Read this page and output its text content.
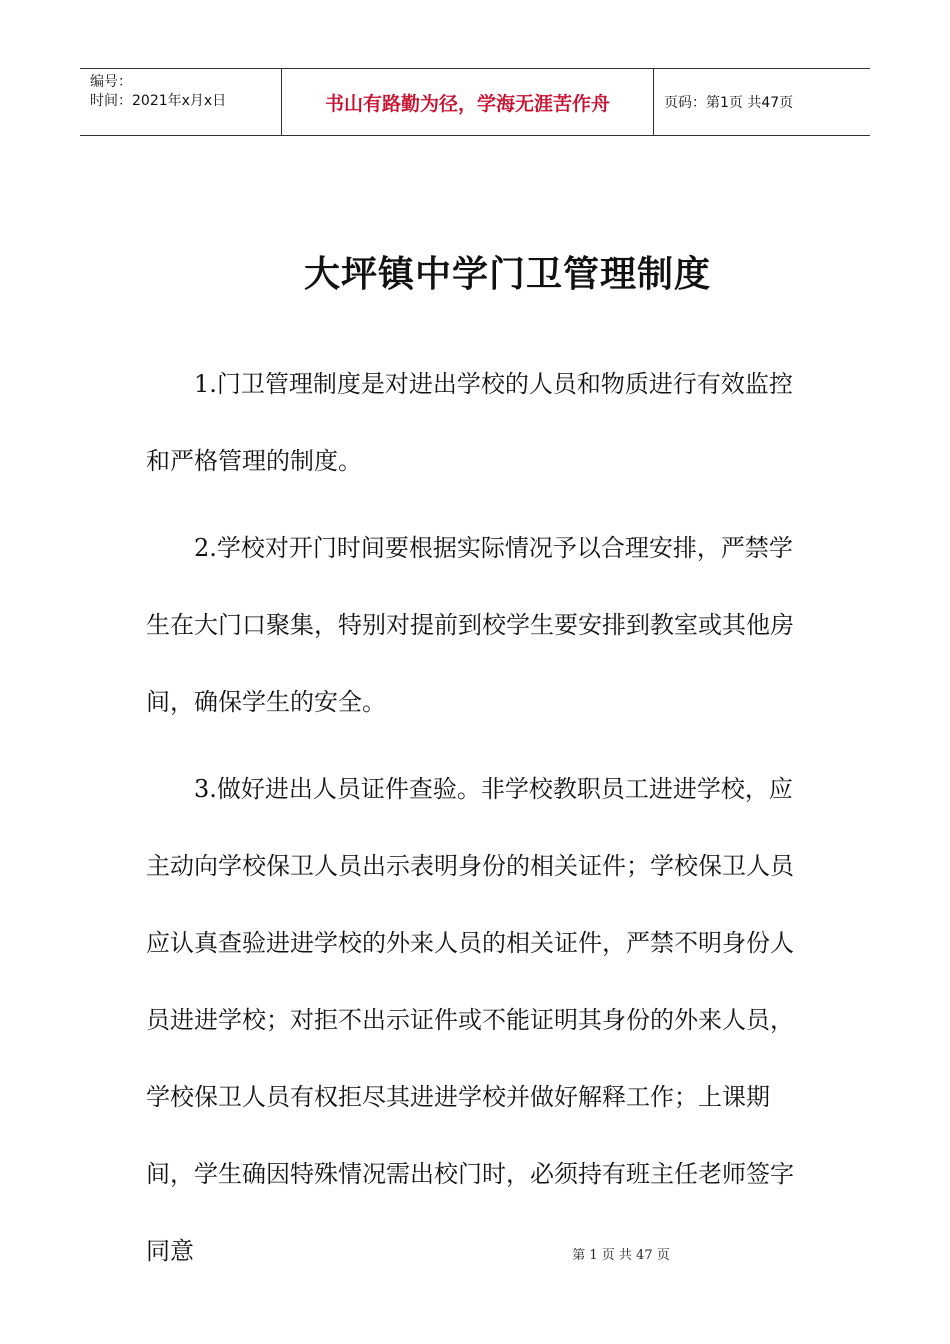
编号：
时间：2021年x月x日	书山有路勤为径，学海无涯苦作舟	页码：第1页 共47页
大坪镇中学门卫管理制度

1.门卫管理制度是对进出学校的人员和物质进行有效监控和严格管理的制度。

2.学校对开门时间要根据实际情况予以合理安排，严禁学生在大门口聚集，特别对提前到校学生要安排到教室或其他房间，确保学生的安全。

3.做好进出人员证件查验。非学校教职员工进进学校，应主动向学校保卫人员出示表明身份的相关证件；学校保卫人员应认真查验进进学校的外来人员的相关证件，严禁不明身份人员进进学校；对拒不出示证件或不能证明其身份的外来人员，学校保卫人员有权拒尽其进进学校并做好解释工作；上课期间，学生确因特殊情况需出校门时，必须持有班主任老师签字同意	第 1 页 共 47 页
